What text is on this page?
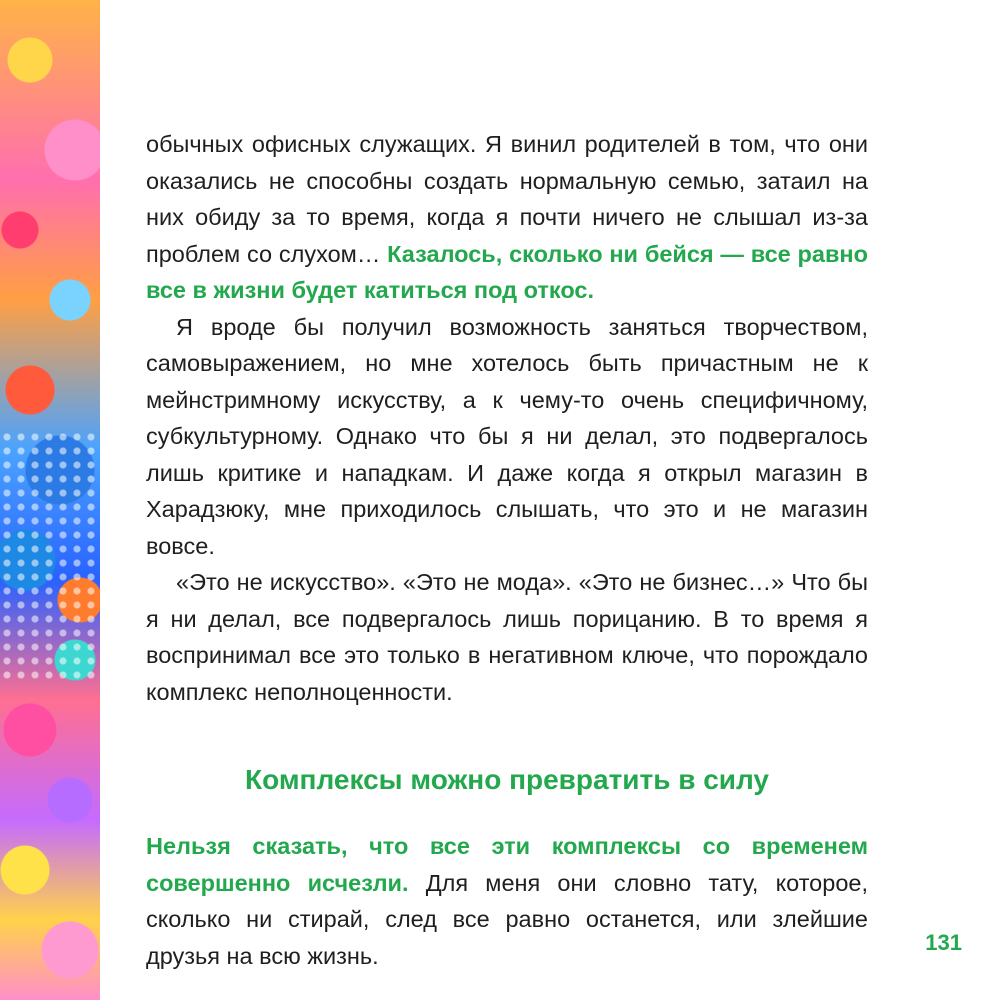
обычных офисных служащих. Я винил родителей в том, что они оказались не способны создать нормальную семью, затаил на них обиду за то время, когда я почти ничего не слышал из-за проблем со слухом… Казалось, сколько ни бейся — все равно все в жизни будет катиться под откос.

Я вроде бы получил возможность заняться творчеством, самовыражением, но мне хотелось быть причастным не к мейнстримному искусству, а к чему-то очень специфичному, субкультурному. Однако что бы я ни делал, это подвергалось лишь критике и нападкам. И даже когда я открыл магазин в Харадзюку, мне приходилось слышать, что это и не магазин вовсе.

«Это не искусство». «Это не мода». «Это не бизнес…» Что бы я ни делал, все подвергалось лишь порицанию. В то время я воспринимал все это только в негативном ключе, что порождало комплекс неполноценности.

Комплексы можно превратить в силу

Нельзя сказать, что все эти комплексы со временем совершенно исчезли. Для меня они словно тату, которое, сколько ни стирай, след все равно останется, или злейшие друзья на всю жизнь.	131
